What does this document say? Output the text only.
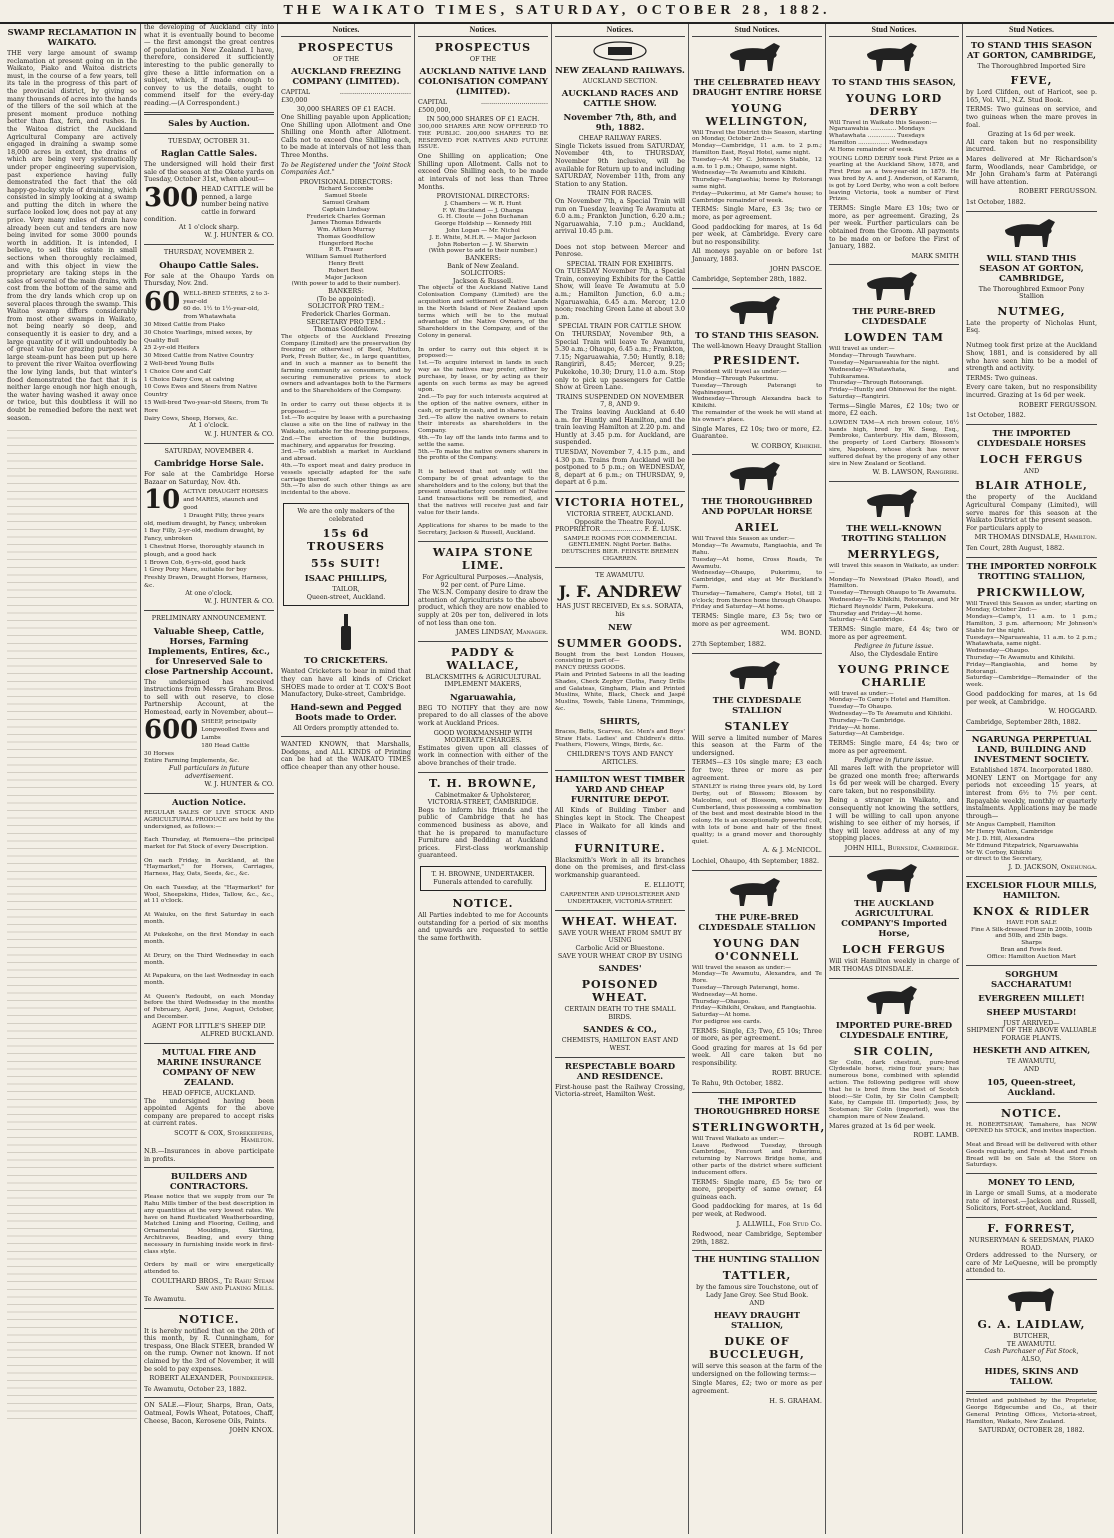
THE WAIKATO TIMES, SATURDAY, OCTOBER 28, 1882.
SWAMP RECLAMATION IN WAIKATO.
THE very large amount of swamp reclamation at present going on in the Waikato, Piako and Waitoa districts must, in the course of a few years, tell its tale in the progress of this part of the provincial district, by giving so many thousands of acres into the hands of the tillers of the soil which at the present moment produce nothing better than flax, fern, and rushes. In the Waitoa district the Auckland Agricultural Company are actively engaged in draining a swamp some 18,000 acres in extent, the drains of which are being very systematically under proper engineering supervision, past experience having fully demonstrated the fact that the old happy-go-lucky style of draining, which consisted in simply looking at a swamp and putting the ditch in where the surface looked low, does not pay at any price. Very many miles of drain have already been cut and tenders are now being invited for some 3000 pounds worth in addition. It is intended, I believe, to sell this estate in small sections when thoroughly reclaimed, and with this object in view the proprietary are taking steps in the sales of several of the main drains, with cost from the bottom of the same and from the dry lands which crop up on several places through the swamp. This Waitoa swamp differs considerably from most other swamps in Waikato, not being nearly so deep, and consequently it is easier to dry, and a large quantity of it will undoubtedly be of great value for grazing purposes. A large steam-punt has been put up here to prevent the river Waitoa overflowing the low lying lands, but that winter's flood demonstrated the fact that it is neither large enough nor high enough, the water having washed it away once or twice, but this doubtless it will no doubt be remedied before the next wet season.
the developing of Auckland city into what it is eventually bound to become — the first amongst the great centres of population in New Zealand. I have, therefore, considered it sufficiently interesting to the public generally to give these a little information on a subject, which, if made enough to convey to us the details, ought to commend itself for the every-day reading.—(A Correspondent.)
Sales by Auction.
TUESDAY, OCTOBER 31.
Raglan Cattle Sales.
The undersigned will hold their first sale of the season at the Okete yards on Tuesday, October 31st, when about—
300 HEAD CATTLE will be penned, a large number being native cattle in forward condition.
At 1 o'clock sharp.
W. J. HUNTER & CO.
THURSDAY, NOVEMBER 2.
Ohaupo Cattle Sales.
For sale at the Ohaupo Yards on Thursday, Nov. 2nd.
60 WELL-BRED STEERS, 2 to 3-year-old
60 do. 1½ to 1½-year-old, from Whatawhata
30 Mixed Cattle from Piako
30 Choice Yearlings, mixed sexes, by Quality Bull
25 2-yr-old Heifers
30 Mixed Cattle from Native Country
2 Well-bred Young Bulls
1 Choice Cow and Calf
1 Choice Dairy Cow, at calving
10 Cows Ewes and Steers from Native Country
15 Well-bred Two-year-old Steers, from Te Rore
Dairy Cows, Sheep, Horses, &c.
At 1 o'clock.
W. J. HUNTER & CO.
SATURDAY, NOVEMBER 4.
Cambridge Horse Sale.
For sale at the Cambridge Horse Bazaar on Saturday, Nov. 4th.
10 ACTIVE DRAUGHT HORSES and MARES, staunch and good
1 Draught Filly, three years old, medium draught, by Fancy, unbroken
1 Bay Filly, 2-yr-old, medium draught, by Fancy, unbroken
1 Chestnut Horse, thoroughly staunch in plough, and a good hack
1 Brown Cob, 6-yrs-old, good hack
1 Grey Pony Mare, suitable for boy
Freshly Drawn, Draught Horses, Harness, &c.
At one o'clock.
W. J. HUNTER & CO.
PRELIMINARY ANNOUNCEMENT.
Valuable Sheep, Cattle, Horses, Farming Implements, Entires, &c., for Unreserved Sale to close Partnership Account.
The undersigned has received instructions from Messrs Graham Bros. to sell with out reserve, to close Partnership Account, at the Homestead, early in November, about—
600 SHEEP, principally Longwoolled Ewes and Lambs
180 Head Cattle
30 Horses
Entire Farming Implements, &c.
Full particulars in future advertisement.
W. J. HUNTER & CO.
Auction Notice.
REGULAR SALES OF LIVE STOCK AND AGRICULTURAL PRODUCE are held by the undersigned, as follows:—

Each Thursday, at Remuera—the principal market for Fat Stock of every Description.

On each Friday, in Auckland, at the "Haymarket," for Horses, Carriages, Harness, Hay, Oats, Seeds, &c., &c.

On each Tuesday, at the "Haymarket" for Wool, Sheepskins, Hides, Tallow, &c., &c., at 11 o'clock.

At Waiuku, on the first Saturday in each month.

At Pukekohe, on the first Monday in each month.

At Drury, on the Third Wednesday in each month.

At Papakura, on the last Wednesday in each month.

At Queen's Redoubt, on each Monday before the third Wednesday in the months of February, April, June, August, October, and December.
AGENT FOR LITTLE'S SHEEP DIP.
ALFRED BUCKLAND.
MUTUAL FIRE AND MARINE INSURANCE COMPANY OF NEW ZEALAND.
HEAD OFFICE, AUCKLAND.
The undersigned having been appointed Agents for the above company are prepared to accept risks at current rates.
SCOTT & COX, Storekeepers, Hamilton.
N.B.—Insurances in above participate in profits.
BUILDERS AND CONTRACTORS.
Please notice that we supply from our Te Rahu Mills timber of the best description in any quantities at the very lowest rates. We have on hand Rusticated Weatherboarding, Matched Lining and Flooring, Ceiling, and Ornamental Mouldings, Skirting, Architraves, Beading, and every thing necessary in furnishing inside work in first-class style.

Orders by mail or wire energetically attended to.
COULTHARD BROS., Te Rahu Steam Saw and Planing Mills.
Te Awamutu.
NOTICE.
It is hereby notified that on the 20th of this month, by R. Cunningham, for trespass, One Black STEER, branded W on the rump. Owner not known. If not claimed by the 3rd of November, it will be sold to pay expenses.
ROBERT ALEXANDER, Poundkeeper.
Te Awamutu, October 23, 1882.
ON SALE.—Flour, Sharps, Bran, Oats, Oatmeal, Fowls Wheat, Potatoes, Chaff, Cheese, Bacon, Kerosene Oils, Paints.
JOHN KNOX.
Notices.
PROSPECTUS
OF THE
AUCKLAND FREEZING COMPANY (LIMITED).
CAPITAL ................................... £30,000
30,000 SHARES OF £1 EACH.
One Shilling payable upon Application; One Shilling upon Allotment and One Shilling one Month after Allotment. Calls not to exceed One Shilling each, to be made at intervals of not less than Three Months.
To be Registered under the "Joint Stock Companies Act."
PROVISIONAL DIRECTORS:
Richard Seccombe
Samuel Steele
Samuel Graham
Captain Lindsay
Frederick Charles Gorman
James Thomas Edwards
Wm. Aitken Murray
Thomas Goodfellow
Hungerford Roche
P. R. Fraser
William Samuel Rutherford
Henry Brett
Robert Best
Major Jackson
(With power to add to their number).
BANKERS:
(To be appointed).
SOLICITOR PRO TEM.:
Frederick Charles Gorman.
SECRETARY PRO TEM.:
Thomas Goodfellow.
The objects of the Auckland Freezing Company (Limited) are the preservation (by freezing or otherwise) of Beef, Mutton, Pork, Fresh Butter, &c., in large quantities, and in such a manner as to benefit the farming community as consumers, and by securing remunerative prices to stock owners and advantages both to the Farmers and to the Shareholders of the Company.

In order to carry out these objects it is proposed:—
1st.—To acquire by lease with a purchasing clause a site on the line of railway in the Waikato, suitable for the freezing purposes.
2nd.—The erection of the buildings, machinery, and apparatus for freezing.
3rd.—To establish a market in Auckland and abroad.
4th.—To export meat and dairy produce in vessels specially adapted for the safe carriage thereof.
5th.—To also do such other things as are incidental to the above.
We are the only makers of the celebrated
15s 6d TROUSERS
55s SUIT!
ISAAC PHILLIPS,
TAILOR,
Queen-street, Auckland.
TO CRICKETERS.
Wanted Cricketers to bear in mind that they can have all kinds of Cricket SHOES made to order at T. COX'S Boot Manufactory, Duke-street, Cambridge.
Hand-sewn and Pegged Boots made to Order.
All Orders promptly attended to.
WANTED KNOWN, that Marshalls, Dodgens, and ALL KINDS of Printing can be had at the WAIKATO TIMES office cheaper than any other house.
Notices.
PROSPECTUS
OF THE
AUCKLAND NATIVE LAND COLONISATION COMPANY (LIMITED).
CAPITAL ................................. £500,000,
IN 500,000 SHARES OF £1 EACH.
300,000 SHARES ARE NOW OFFERED TO THE PUBLIC. 200,000 SHARES TO BE RESERVED FOR NATIVES AND FUTURE ISSUE.
One Shilling on application; One Shilling upon Allotment. Calls not to exceed One Shilling each, to be made at intervals of not less than Three Months.
PROVISIONAL DIRECTORS:
J. Chambers — W. R. Hunt
F. W. Buckland — J. Ohanga
G. H. Cloute — John Buchanan
George Holdship — Kennedy Hill
John Logan — Mr. Nichol
J. E. White, M.H.R. — Major Jackson
John Roberton — J. W. Sherwin
(With power to add to their number.)
BANKERS:
Bank of New Zealand.
SOLICITORS:
Jackson & Russell.
The objects of the Auckland Native Land Colonisation Company (Limited) are the acquisition and settlement of Native Lands in the North Island of New Zealand upon terms which will be to the mutual advantage of the Native Owners, of the Shareholders in the Company, and of the Colony in general.

In order to carry out this object it is proposed:—
1st.—To acquire interest in lands in such way as the natives may prefer, either by purchase, by lease, or by acting as their agents on such terms as may be agreed upon.
2nd.—To pay for such interests acquired at the option of the native owners, either in cash, or partly in cash, and in shares.
3rd.—To allow the native owners to retain their interests as shareholders in the Company.
4th.—To lay off the lands into farms and to settle the same.
5th.—To make the native owners sharers in the profits of the Company.

It is believed that not only will the Company be of great advantage to the shareholders and to the colony, but that the present unsatisfactory condition of Native Land transactions will be remedied, and that the natives will receive just and fair value for their lands.

Applications for shares to be made to the Secretary, Jackson & Russell, Auckland.
WAIPA STONE LIME.
For Agricultural Purposes.—Analysis, 92 per cent. of Pure Lime.
The W.S.N. Company desire to draw the attention of Agriculturists to the above product, which they are now enabled to supply at 20s per ton, delivered in lots of not less than one ton.
JAMES LINDSAY, Manager.
PADDY & WALLACE,
BLACKSMITHS & AGRICULTURAL IMPLEMENT MAKERS,
Ngaruawahia,
BEG TO NOTIFY that they are now prepared to do all classes of the above work at Auckland Prices.
GOOD WORKMANSHIP WITH MODERATE CHARGES.
Estimates given upon all classes of work in connection with either of the above branches of their trade.
T. H. BROWNE,
Cabinetmaker & Upholsterer, VICTORIA-STREET, CAMBRIDGE.
Begs to inform his friends and the public of Cambridge that he has commenced business as above, and that he is prepared to manufacture Furniture and Bedding at Auckland prices. First-class workmanship guaranteed.
T. H. BROWNE, UNDERTAKER.
Funerals attended to carefully.
NOTICE.
All Parties indebted to me for Accounts outstanding for a period of six months and upwards are requested to settle the same forthwith.
Notices.
NEW ZEALAND RAILWAYS.
AUCKLAND SECTION.
AUCKLAND RACES AND CATTLE SHOW.
November 7th, 8th, and 9th, 1882.
CHEAP RAILWAY FARES.
Single Tickets issued from SATURDAY, November 4th, to THURSDAY, November 9th inclusive, will be available for Return up to and including SATURDAY, November 11th, from any Station to any Station.
TRAIN FOR RACES.
On November 7th, a Special Train will run on Tuesday, leaving Te Awamutu at 6.0 a.m.; Frankton Junction, 6.20 a.m.; Ngaruawahia, 7.10 p.m.; Auckland, arrival 10.45 p.m.

Does not stop between Mercer and Penrose.
SPECIAL TRAIN FOR EXHIBITS.
On TUESDAY November 7th, a Special Train, conveying Exhibits for the Cattle Show, will leave Te Awamutu at 5.0 a.m.; Hamilton Junction, 6.0 a.m.; Ngaruawahia, 6.45 a.m. Mercer, 12.0 noon; reaching Green Lane at about 3.0 p.m.
SPECIAL TRAIN FOR CATTLE SHOW.
On THURSDAY, November 9th, a Special Train will leave Te Awamutu, 5.30 a.m.; Ohaupo, 6.45 a.m.; Frankton, 7.15; Ngaruawahia, 7.50; Huntly, 8.18; Rangiriri, 8.45; Mercer, 9.25; Pukekohe, 10.30; Drury, 11.0 a.m. Stop only to pick up passengers for Cattle Show at Green Lane.
TRAINS SUSPENDED ON NOVEMBER 7, 8, AND 9.
The Trains leaving Auckland at 6.40 a.m. for Huntly and Hamilton, and the train leaving Hamilton at 2.20 p.m. and Huntly at 3.45 p.m. for Auckland, are suspended.
TUESDAY, November 7, 4.15 p.m., and 4.30 p.m. Trains from Auckland will be postponed to 5 p.m.; on WEDNESDAY, 8, depart at 6 p.m.; on THURSDAY, 9, depart at 6 p.m.
VICTORIA HOTEL,
VICTORIA STREET, AUCKLAND. Opposite the Theatre Royal.
PROPRIETOR .................... F. E. LUSK.
SAMPLE ROOMS FOR COMMERCIAL GENTLEMEN. Night Porter. Baths. DEUTSCHES BIER. FEINSTE BREMEN CIGARREN.
TE AWAMUTU.
J. F. ANDREW
HAS JUST RECEIVED, Ex s.s. SORATA, his
NEW
SUMMER GOODS.
Bought from the best London Houses, consisting in part of—
FANCY DRESS GOODS.
Plain and Printed Sateens in all the leading Shades, Check Zephyr Cloths, Fancy Drills and Galateas, Gingham, Plain and Printed Muslins, White, Black, Check and Jaspé Muslins, Towels, Table Linens, Trimmings, &c.
SHIRTS,
Braces, Belts, Scarves, &c. Men's and Boys' Straw Hats. Ladies' and Children's ditto. Feathers, Flowers, Wings, Birds, &c.
CHILDREN'S TOYS AND FANCY ARTICLES.
HAMILTON WEST TIMBER YARD AND CHEAP FURNITURE DEPOT.
All Kinds of Building Timber and Shingles kept in Stock. The Cheapest Place in Waikato for all kinds and classes of
FURNITURE.
Blacksmith's Work in all its branches done on the premises, and first-class workmanship guaranteed.
E. ELLIOTT,
CARPENTER AND UPHOLSTERER AND UNDERTAKER, VICTORIA-STREET.
WHEAT. WHEAT.
SAVE YOUR WHEAT FROM SMUT BY USING
Carbolic Acid or Bluestone.
SAVE YOUR WHEAT CROP BY USING
SANDES'
POISONED WHEAT.
CERTAIN DEATH TO THE SMALL BIRDS.
SANDES & CO.,
CHEMISTS, HAMILTON EAST AND WEST.
RESPECTABLE BOARD AND RESIDENCE.
First-house past the Railway Crossing, Victoria-street, Hamilton West.
Stud Notices.
THE CELEBRATED HEAVY DRAUGHT ENTIRE HORSE
YOUNG WELLINGTON,
Will Travel the District this Season, starting on Monday, October 2nd:—
Monday—Cambridge, 11 a.m. to 2 p.m.; Hamilton East, Royal Hotel, same night.
Tuesday—At Mr C. Johnson's Stable, 12 a.m. to 1 p.m.; Ohaupo, same night.
Wednesday—Te Awamutu and Kihikihi.
Thursday—Rangiaohia; home by Rotorangi same night.
Friday—Pukerimu, at Mr Game's house; to Cambridge remainder of week.
TERMS: Single Mare, £3 3s; two or more, as per agreement.
Good paddocking for mares, at 1s 6d per week, at Cambridge. Every care but no responsibility.
All moneys payable on or before 1st January, 1883.
JOHN PASCOE.
Cambridge, September 28th, 1882.
TO STAND THIS SEASON.
The well-known Heavy Draught Stallion
PRESIDENT.
President will travel as under:—
Monday—Through Pukerimu.
Tuesday—Through Paterangi to Ngahinepouri.
Wednesday—Through Alexandra back to Kihikihi.
The remainder of the week he will stand at his owner's place.
Single Mares, £2 10s; two or more, £2. Guarantee.
W. CORBOY, Kihikihi.
THE THOROUGHBRED AND POPULAR HORSE
ARIEL
Will Travel this Season as under:—
Monday—Te Awamutu, Rangiaohia, and Te Rahu.
Tuesday—At home, Cross Roads, Te Awamutu.
Wednesday—Ohaupo, Pukerimu, to Cambridge, and stay at Mr Buckland's Farm.
Thursday—Tamahere, Camp's Hotel, till 2 o'clock; from thence home through Ohaupo.
Friday and Saturday—At home.
TERMS: Single mare, £3 5s; two or more as per agreement.
WM. BOND.
27th September, 1882.
THE CLYDESDALE STALLION
STANLEY
Will serve a limited number of Mares this season at the Farm of the undersigned.
TERMS—£3 10s single mare; £3 each for two; three or more as per agreement.
STANLEY is rising three years old, by Lord Derby, out of Blossom; Blossom by Malcolme, out of Blossom, who was by Cumberland, thus possessing a combination of the best and most desirable blood in the colony. He is an exceptionally powerful colt, with lots of bone and hair of the finest quality; is a grand mover and thoroughly quiet.
A. & J. McNICOL.
Lochiel, Ohaupo, 4th September, 1882.
THE PURE-BRED CLYDESDALE STALLION
YOUNG DAN O'CONNELL
Will travel the season as under:—
Monday—Te Awamutu, Alexandra, and Te Rore.
Tuesday—Through Paterangi, home.
Wednesday—At home.
Thursday—Ohaupo.
Friday—Kihikihi, Orakau, and Rangiaohia.
Saturday—At home.
For pedigree see cards.
TERMS: Single, £3; Two, £5 10s; Three or more, as per agreement.
Good grazing for mares at 1s 6d per week. All care taken but no responsibility.
ROBT. BRUCE.
Te Rahu, 9th October, 1882.
THE IMPORTED THOROUGHBRED HORSE
STERLINGWORTH,
Will Travel Waikato as under:—
Leave Redwood Tuesday, through Cambridge, Fencourt and Pukerimu, returning by Narrows Bridge home, and other parts of the district where sufficient inducement offers.
TERMS: Single mare, £5 5s; two or more, property of same owner, £4 guineas each.
Good paddocking for mares, at 1s 6d per week, at Redwood.
J. ALLWILL, For Stud Co.
Redwood, near Cambridge, September 29th, 1882.
THE HUNTING STALLION
TATTLER,
by the famous sire Touchstone, out of Lady Jane Grey. See Stud Book.
AND
HEAVY DRAUGHT STALLION,
DUKE OF BUCCLEUGH,
will serve this season at the farm of the undersigned on the following terms:—
Single Mares, £2; two or more as per agreement.
H. S. GRAHAM.
Stud Notices.
TO STAND THIS SEASON,
YOUNG LORD DERBY
Will Travel in Waikato this Season:—
Ngaruawahia .............. Mondays
Whatawhata ............... Tuesdays
Hamilton ................. Wednesdays
At Home remainder of week.
YOUNG LORD DERBY took First Prize as a yearling at the Auckland Show, 1878, and First Prize as a two-year-old in 1879. He was bred by A. and J. Anderson, of Karamū, is got by Lord Derby, who won a colt before leaving Victoria, took a number of First Prizes.
TERMS: Single Mare £3 10s; two or more, as per agreement. Grazing, 2s per week. Further particulars can be obtained from the Groom. All payments to be made on or before the First of January, 1882.
MARK SMITH
THE PURE-BRED CLYDESDALE
LOWDEN TAM
Will travel as under:—
Monday—Through Tauwhare.
Tuesday—Ngaruawahia for the night.
Wednesday—Whatawhata, and Tuhikaramea.
Thursday—Through Rotoorangi.
Friday—Huntly and Ohinewai for the night.
Saturday—Rangiriri.
Terms—Single Mares, £2 10s; two or more, £2 each.
LOWDEN TAM—A rich brown colour, 16½ hands high, bred by W. Seeg, Esq., Pembroke, Canterbury. His dam, Blossom, the property of Lord Carbery. Blossom's sire, Napoleon, whose stock has never suffered defeat by the progeny of any other sire in New Zealand or Scotland.
W. B. LAWSON, Rangiriri.
THE WELL-KNOWN TROTTING STALLION
MERRYLEGS,
will travel this season in Waikato, as under:—
Monday—To Newstead (Piako Road), and Hamilton.
Tuesday—Through Ohaupo to Te Awamutu.
Wednesday—To Kihikihi, Rotorangi, and Mr Richard Reynolds' Farm, Pukekura.
Thursday and Friday—At home.
Saturday—At Cambridge.
TERMS: Single mare, £4 4s; two or more as per agreement.
Pedigree in future issue.
Also, the Clydesdale Entire
YOUNG PRINCE CHARLIE
will travel as under:—
Monday—To Camp's Hotel and Hamilton.
Tuesday—To Ohaupo.
Wednesday—To Te Awamutu and Kihikihi.
Thursday—To Cambridge.
Friday—At home.
Saturday—At Cambridge.
TERMS: Single mare, £4 4s; two or more as per agreement.
Pedigree in future issue.
All mares left with the proprietor will be grazed one month free; afterwards 1s 6d per week will be charged. Every care taken, but no responsibility.
Being a stranger in Waikato, and consequently not knowing the settlers, I will be willing to call upon anyone wishing to see either of my horses, if they will leave address at any of my stopping places.
JOHN HILL, Burnside, Cambridge.
THE AUCKLAND AGRICULTURAL COMPANY'S Imported Horse,
LOCH FERGUS
Will visit Hamilton weekly in charge of MR THOMAS DINSDALE.
IMPORTED PURE-BRED CLYDESDALE ENTIRE,
SIR COLIN,
Sir Colin, dark chestnut, pure-bred Clydesdale horse, rising four years; has numerous bone, combined with splendid action. The following pedigree will show that he is bred from the best of Scotch blood:—Sir Colin, by Sir Colin Campbell; Kate, by Campsie III. (imported); Jess, by Scotsman; Sir Colin (imported), was the champion mare of New Zealand.
Mares grazed at 1s 6d per week.
ROBT. LAMB.
Stud Notices.
TO STAND THIS SEASON AT GORTON, CAMBRIDGE,
The Thoroughbred Imported Sire
FEVE,
by Lord Clifden, out of Haricot, see p. 165, Vol. VII., N.Z. Stud Book.
TERMS: Two guineas on service, and two guineas when the mare proves in foal.
Grazing at 1s 6d per week.
All care taken but no responsibility incurred.
Mares delivered at Mr Richardson's farm, Woodlands, near Cambridge, or Mr John Graham's farm at Paterangi will have attention.
ROBERT FERGUSSON.
1st October, 1882.
WILL STAND THIS SEASON AT GORTON, CAMBRIDGE,
The Thoroughbred Exmoor Pony Stallion
NUTMEG,
Late the property of Nicholas Hunt, Esq.

Nutmeg took first prize at the Auckland Show, 1881, and is considered by all who have seen him to be a model of strength and activity.
TERMS: Two guineas.
Every care taken, but no responsibility incurred. Grazing at 1s 6d per week.
ROBERT FERGUSSON.
1st October, 1882.
THE IMPORTED CLYDESDALE HORSES
LOCH FERGUS
AND
BLAIR ATHOLE,
the property of the Auckland Agricultural Company (Limited), will serve mares for this season at the Waikato District at the present season.
For particulars apply to
MR THOMAS DINSDALE, Hamilton.
Ten Court, 28th August, 1882.
THE IMPORTED NORFOLK TROTTING STALLION,
PRICKWILLOW,
Will Travel this Season as under, starting on Monday, October 2nd:—
Mondays—Camp's, 11 a.m. to 1 p.m.; Hamilton, 3 p.m. afternoon; Mr Johnson's Stable for the night.
Tuesdays—Ngaruawahia, 11 a.m. to 2 p.m.; Whatawhata, same night.
Wednesday—Ohaupo.
Thursday—Te Awamutu and Kihikihi.
Friday—Rangiaohia, and home by Rotorangi.
Saturday—Cambridge—Remainder of the week.
Good paddocking for mares, at 1s 6d per week, at Cambridge.
W. HOGGARD.
Cambridge, September 28th, 1882.
NGARUNGA PERPETUAL LAND, BUILDING AND INVESTMENT SOCIETY.
Established 1874. Incorporated 1880.
MONEY LENT on Mortgage for any periods not exceeding 15 years, at interest from 6½ to 7½ per cent. Repayable weekly, monthly or quarterly instalments. Applications may be made through—
Mr Angus Campbell, Hamilton
Mr Henry Walton, Cambridge
Mr J. D. Hill, Alexandra
Mr Edmund Fitzpatrick, Ngaruawahia
Mr W. Corboy, Kihikihi
or direct to the Secretary,
J. D. JACKSON, Onehunga.
EXCELSIOR FLOUR MILLS, HAMILTON.
KNOX & RIDLER
HAVE FOR SALE
Fine A Silk-dressed Flour in 200lb, 100lb and 50lb, and 25lb bags.
Sharps
Bran and Fowls feed.
Office: Hamilton Auction Mart
SORGHUM SACCHARATUM!
EVERGREEN MILLET!
SHEEP MUSTARD!
JUST ARRIVED—
SHIPMENT OF THE ABOVE VALUABLE FORAGE PLANTS.
HESKETH AND AITKEN,
TE AWAMUTU,
AND
105, Queen-street, Auckland.
NOTICE.
H. ROBERTSHAW, Tamahere, has NOW OPENED his STOCK, and invites inspection.

Meat and Bread will be delivered with other Goods regularly, and Fresh Meat and Fresh Bread will be on Sale at the Store on Saturdays.
MONEY TO LEND,
in Large or small Sums, at a moderate rate of interest.—Jackson and Russell, Solicitors, Fort-street, Auckland.
F. FORREST,
NURSERYMAN & SEEDSMAN, PIAKO ROAD.
Orders addressed to the Nursery, or care of Mr LeQuesne, will be promptly attended to.
G. A. LAIDLAW,
BUTCHER,
TE AWAMUTU.
Cash Purchaser of Fat Stock,
ALSO,
HIDES, SKINS AND TALLOW.
Printed and published by the Proprietor, George Edgecumbe and Co., at their General Printing Offices, Victoria-street, Hamilton, Waikato, New Zealand.
SATURDAY, OCTOBER 28, 1882.
